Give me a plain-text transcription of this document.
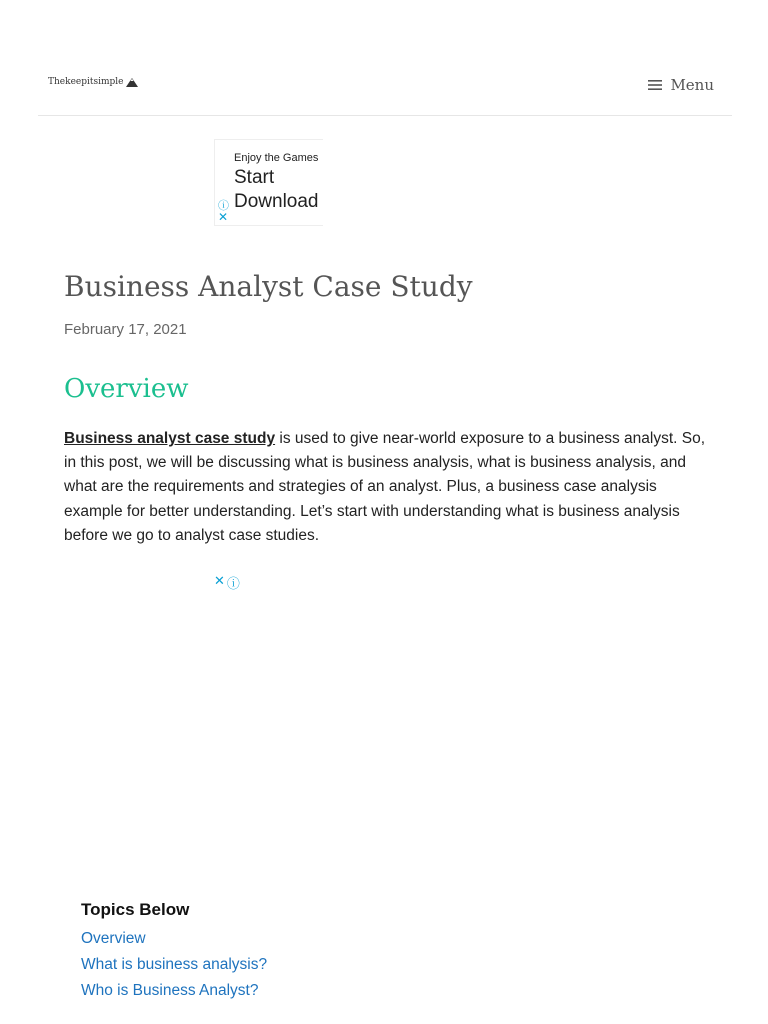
Thekeepitsimple	Menu
Enjoy the Games
Start
Download
ⓘ
✕
Business Analyst Case Study
February 17, 2021
Overview

Business analyst case study is used to give near-world exposure to a business analyst. So, in this post, we will be discussing what is business analysis, what is business analysis, and what are the requirements and strategies of an analyst. Plus, a business case analysis example for better understanding. Let’s start with understanding what is business analysis before we go to analyst case studies.

✕ ⓘ
Topics Below
Overview
What is business analysis?
Who is Business Analyst?
